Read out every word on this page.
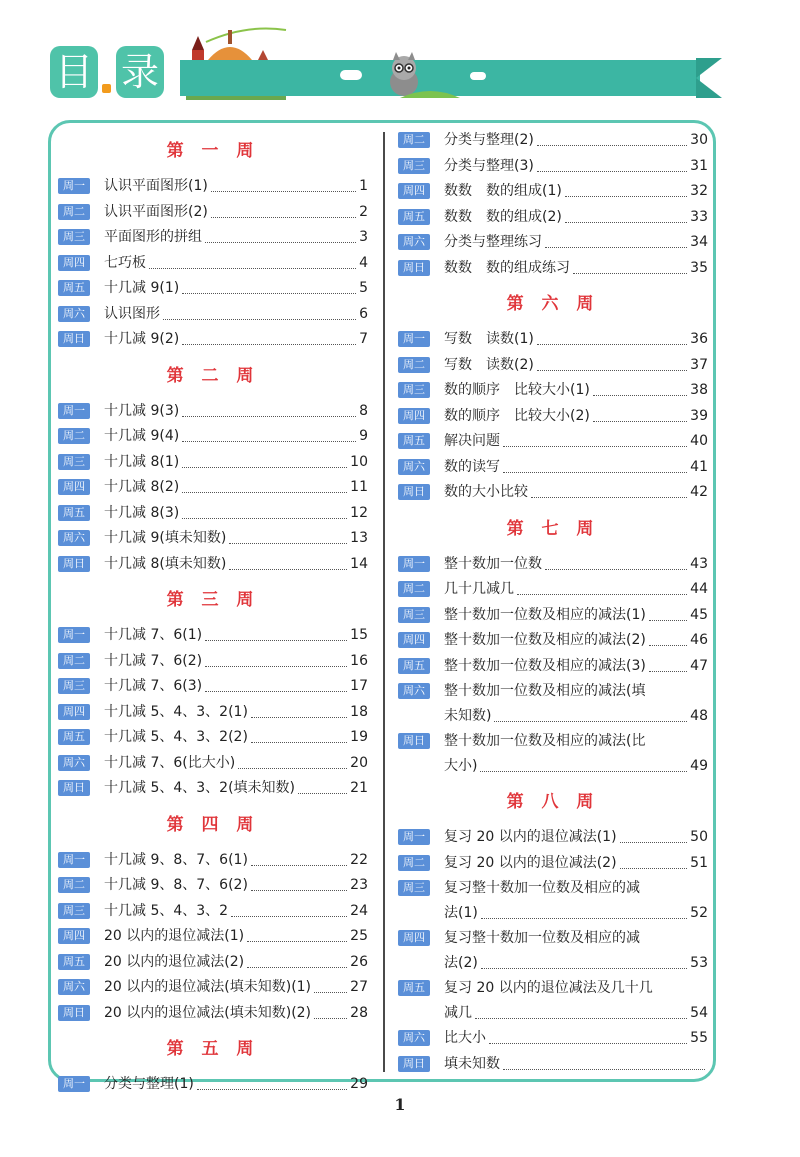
目 录
第 一 周
周一	认识平面图形(1)	1
周二	认识平面图形(2)	2
周三	平面图形的拼组	3
周四	七巧板	4
周五	十几减 9(1)	5
周六	认识图形	6
周日	十几减 9(2)	7
第 二 周
周一	十几减 9(3)	8
周二	十几减 9(4)	9
周三	十几减 8(1)	10
周四	十几减 8(2)	11
周五	十几减 8(3)	12
周六	十几减 9(填未知数)	13
周日	十几减 8(填未知数)	14
第 三 周
周一	十几减 7、6(1)	15
周二	十几减 7、6(2)	16
周三	十几减 7、6(3)	17
周四	十几减 5、4、3、2(1)	18
周五	十几减 5、4、3、2(2)	19
周六	十几减 7、6(比大小)	20
周日	十几减 5、4、3、2(填未知数)	21
第 四 周
周一	十几减 9、8、7、6(1)	22
周二	十几减 9、8、7、6(2)	23
周三	十几减 5、4、3、2	24
周四	20 以内的退位减法(1)	25
周五	20 以内的退位减法(2)	26
周六	20 以内的退位减法(填未知数)(1)	27
周日	20 以内的退位减法(填未知数)(2)	28
第 五 周
周一	分类与整理(1)	29
周二	分类与整理(2)	30
周三	分类与整理(3)	31
周四	数数　数的组成(1)	32
周五	数数　数的组成(2)	33
周六	分类与整理练习	34
周日	数数　数的组成练习	35
第 六 周
周一	写数　读数(1)	36
周二	写数　读数(2)	37
周三	数的顺序　比较大小(1)	38
周四	数的顺序　比较大小(2)	39
周五	解决问题	40
周六	数的读写	41
周日	数的大小比较	42
第 七 周
周一	整十数加一位数	43
周二	几十几减几	44
周三	整十数加一位数及相应的减法(1)	45
周四	整十数加一位数及相应的减法(2)	46
周五	整十数加一位数及相应的减法(3)	47
周六	整十数加一位数及相应的减法(填
未知数)	48
周日	整十数加一位数及相应的减法(比
大小)	49
第 八 周
周一	复习 20 以内的退位减法(1)	50
周二	复习 20 以内的退位减法(2)	51
周三	复习整十数加一位数及相应的减
法(1)	52
周四	复习整十数加一位数及相应的减
法(2)	53
周五	复习 20 以内的退位减法及几十几
减几	54
周六	比大小	55
周日	填未知数
1
